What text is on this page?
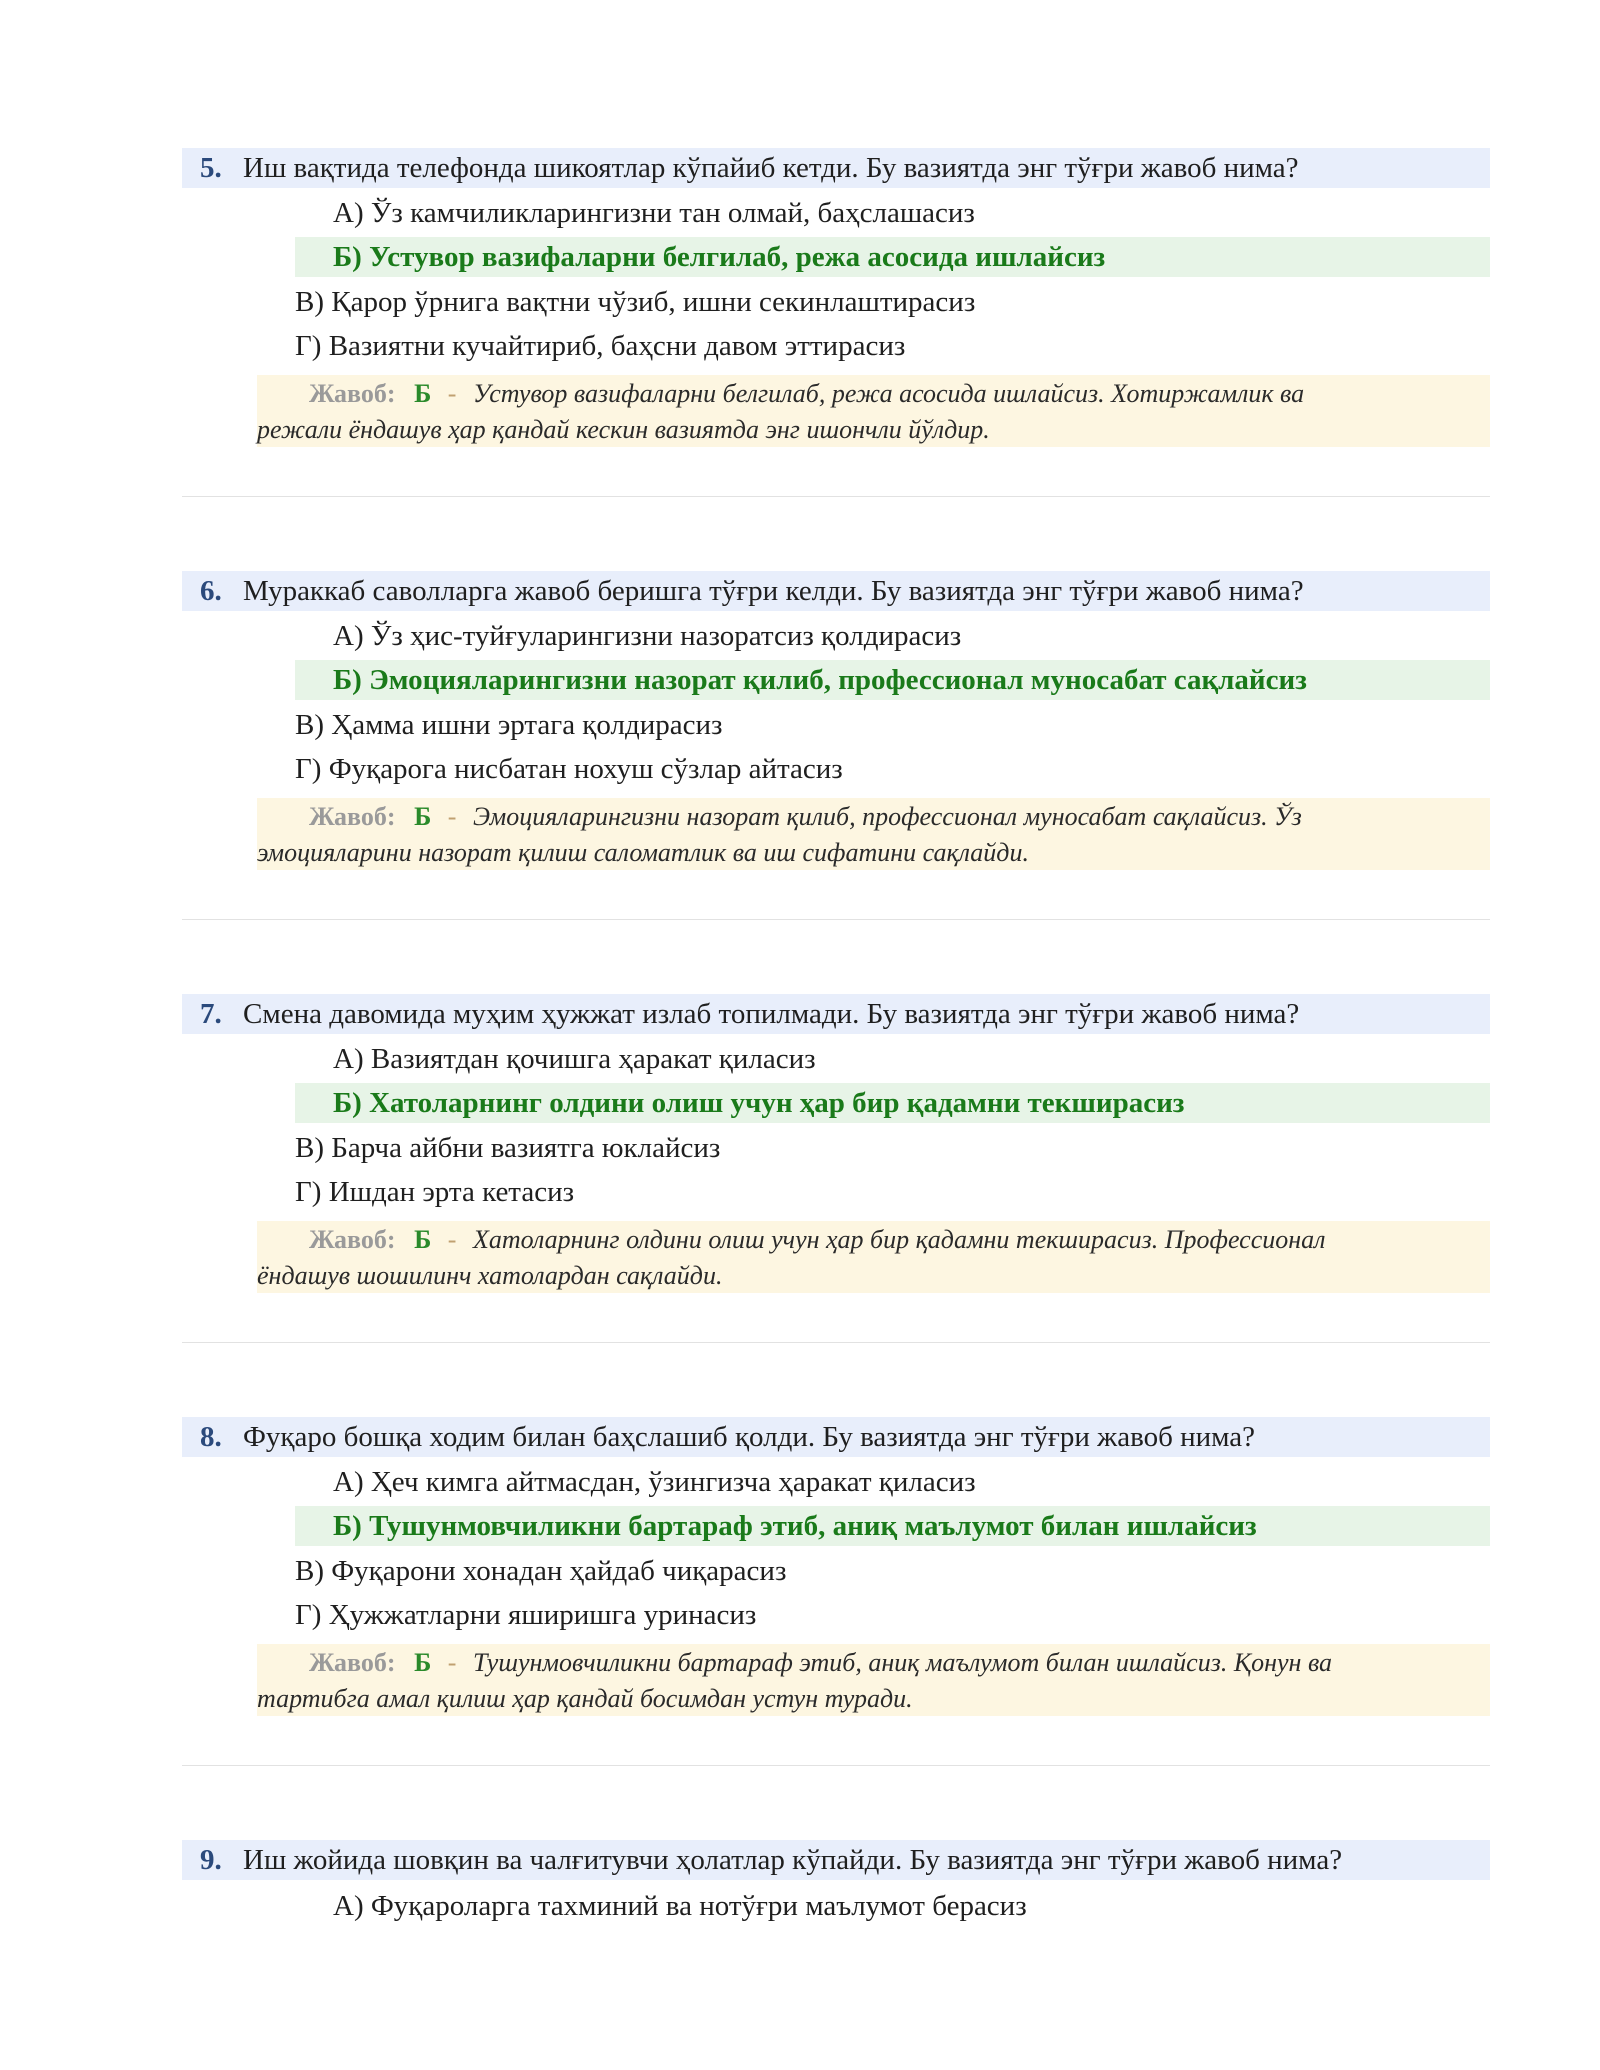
5. Иш вақтида телефонда шикоятлар кўпайиб кетди. Бу вазиятда энг тўғри жавоб нима?
А) Ўз камчиликларингизни тан олмай, баҳслашасиз
Б) Устувор вазифаларни белгилаб, режа асосида ишлайсиз
В) Қарор ўрнига вақтни чўзиб, ишни секинлаштирасиз
Г) Вазиятни кучайтириб, баҳсни давом эттирасиз
Жавоб: Б - Устувор вазифаларни белгилаб, режа асосида ишлайсиз. Хотиржамлик ва
режали ёндашув ҳар қандай кескин вазиятда энг ишончли йўлдир.
6. Мураккаб саволларга жавоб беришга тўғри келди. Бу вазиятда энг тўғри жавоб нима?
А) Ўз ҳис-туйғуларингизни назоратсиз қолдирасиз
Б) Эмоцияларингизни назорат қилиб, профессионал муносабат сақлайсиз
В) Ҳамма ишни эртага қолдирасиз
Г) Фуқарога нисбатан нохуш сўзлар айтасиз
Жавоб: Б - Эмоцияларингизни назорат қилиб, профессионал муносабат сақлайсиз. Ўз
эмоцияларини назорат қилиш саломатлик ва иш сифатини сақлайди.
7. Смена давомида муҳим ҳужжат излаб топилмади. Бу вазиятда энг тўғри жавоб нима?
А) Вазиятдан қочишга ҳаракат қиласиз
Б) Хатоларнинг олдини олиш учун ҳар бир қадамни текширасиз
В) Барча айбни вазиятга юклайсиз
Г) Ишдан эрта кетасиз
Жавоб: Б - Хатоларнинг олдини олиш учун ҳар бир қадамни текширасиз. Профессионал
ёндашув шошилинч хатолардан сақлайди.
8. Фуқаро бошқа ходим билан баҳслашиб қолди. Бу вазиятда энг тўғри жавоб нима?
А) Ҳеч кимга айтмасдан, ўзингизча ҳаракат қиласиз
Б) Тушунмовчиликни бартараф этиб, аниқ маълумот билан ишлайсиз
В) Фуқарони хонадан ҳайдаб чиқарасиз
Г) Ҳужжатларни яширишга уринасиз
Жавоб: Б - Тушунмовчиликни бартараф этиб, аниқ маълумот билан ишлайсиз. Қонун ва
тартибга амал қилиш ҳар қандай босимдан устун туради.
9. Иш жойида шовқин ва чалғитувчи ҳолатлар кўпайди. Бу вазиятда энг тўғри жавоб нима?
А) Фуқароларга тахминий ва нотўғри маълумот берасиз
